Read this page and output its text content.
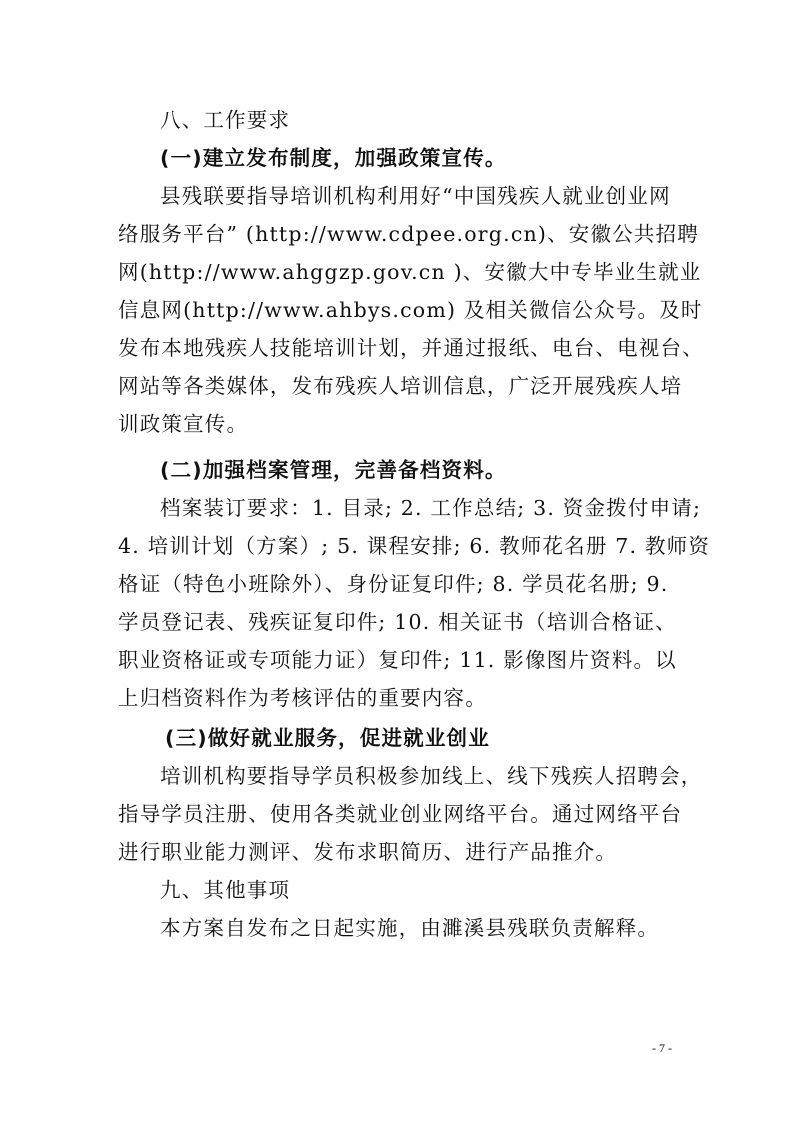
八、工作要求
(一)建立发布制度，加强政策宣传。
县残联要指导培训机构利用好“中国残疾人就业创业网
络服务平台” (http://www.cdpee.org.cn)、安徽公共招聘
网(http://www.ahggzp.gov.cn )、安徽大中专毕业生就业
信息网(http://www.ahbys.com) 及相关微信公众号。及时
发布本地残疾人技能培训计划，并通过报纸、电台、电视台、
网站等各类媒体，发布残疾人培训信息，广泛开展残疾人培
训政策宣传。
(二)加强档案管理，完善备档资料。
档案装订要求：1. 目录; 2. 工作总结; 3. 资金拨付申请;
4. 培训计划（方案）; 5. 课程安排; 6. 教师花名册 7. 教师资
格证（特色小班除外）、身份证复印件; 8. 学员花名册; 9.
学员登记表、残疾证复印件; 10. 相关证书（培训合格证、
职业资格证或专项能力证）复印件; 11. 影像图片资料。以
上归档资料作为考核评估的重要内容。
(三)做好就业服务，促进就业创业
培训机构要指导学员积极参加线上、线下残疾人招聘会，
指导学员注册、使用各类就业创业网络平台。通过网络平台
进行职业能力测评、发布求职简历、进行产品推介。
九、其他事项
本方案自发布之日起实施，由濉溪县残联负责解释。
- 7 -
